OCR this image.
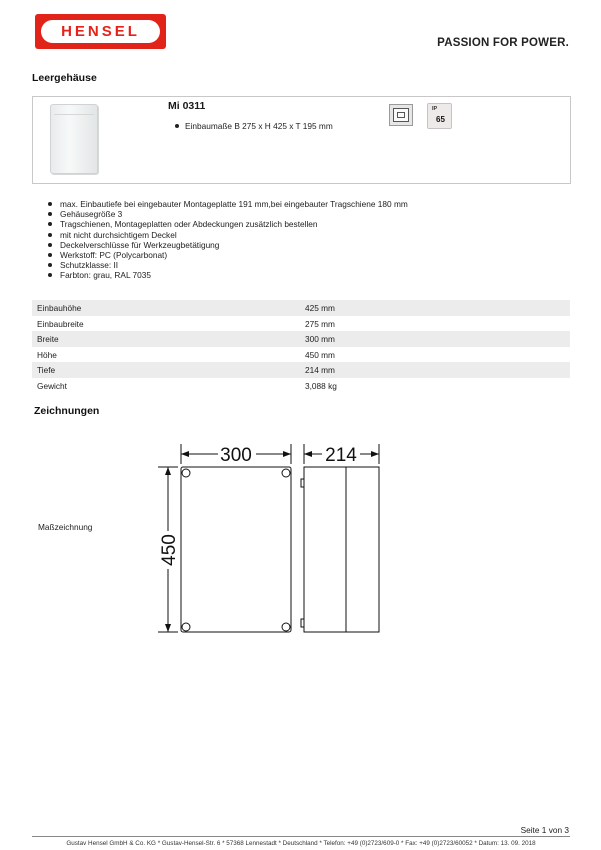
HENSEL
PASSION FOR POWER.
Leergehäuse
Mi 0311
Einbaumaße B 275 x H 425 x T 195 mm
IP
65
max. Einbautiefe bei eingebauter Montageplatte 191 mm,bei eingebauter Tragschiene 180 mm
Gehäusegröße 3
Tragschienen, Montageplatten oder Abdeckungen zusätzlich bestellen
mit nicht durchsichtigem Deckel
Deckelverschlüsse für Werkzeugbetätigung
Werkstoff: PC (Polycarbonat)
Schutzklasse: II
Farbton: grau, RAL 7035
Einbauhöhe	425 mm
Einbaubreite	275 mm
Breite	300 mm
Höhe	450 mm
Tiefe	214 mm
Gewicht	3,088 kg
Zeichnungen
Maßzeichnung
300	214
450
Seite 1 von 3
Gustav Hensel GmbH & Co. KG * Gustav-Hensel-Str. 6 * 57368 Lennestadt * Deutschland * Telefon: +49 (0)2723/609-0 * Fax: +49 (0)2723/60052 * Datum: 13. 09. 2018
